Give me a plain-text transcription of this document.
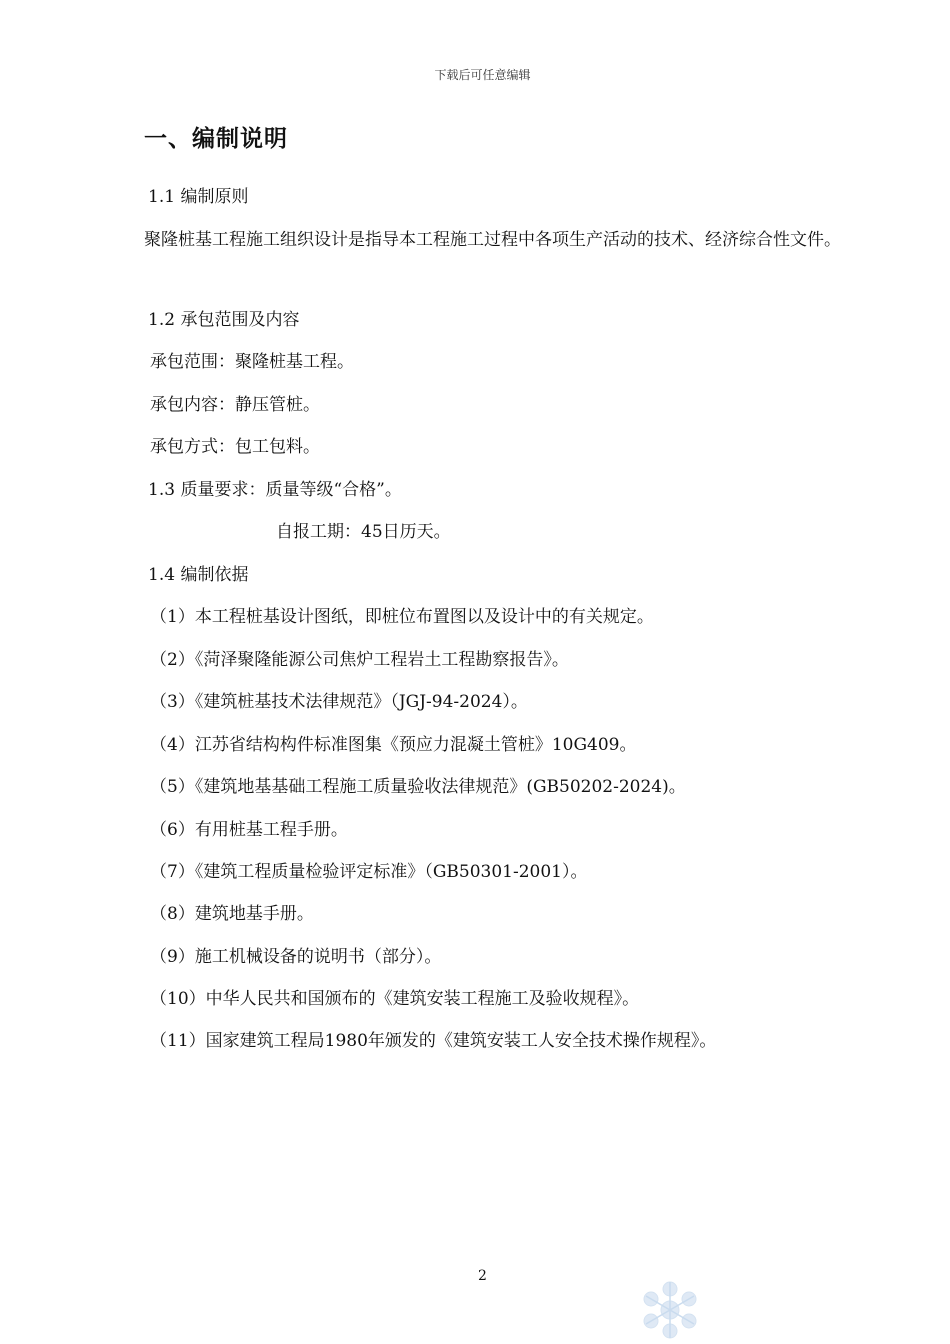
下载后可任意编辑
一、编制说明

1.1 编制原则

聚隆桩基工程施工组织设计是指导本工程施工过程中各项生产活动的技术、经济综合性文件。

1.2 承包范围及内容

承包范围：聚隆桩基工程。

承包内容：静压管桩。

承包方式：包工包料。

1.3 质量要求：质量等级“合格”。

自报工期：45日历天。

1.4 编制依据

（1）本工程桩基设计图纸，即桩位布置图以及设计中的有关规定。

（2）《菏泽聚隆能源公司焦炉工程岩土工程勘察报告》。

（3）《建筑桩基技术法律规范》（JGJ-94-2024）。

（4）江苏省结构构件标准图集《预应力混凝土管桩》10G409。

（5）《建筑地基基础工程施工质量验收法律规范》(GB50202-2024)。

（6）有用桩基工程手册。

（7）《建筑工程质量检验评定标准》（GB50301-2001）。

（8）建筑地基手册。

（9）施工机械设备的说明书（部分）。

（10）中华人民共和国颁布的《建筑安装工程施工及验收规程》。

（11）国家建筑工程局1980年颁发的《建筑安装工人安全技术操作规程》。

2
